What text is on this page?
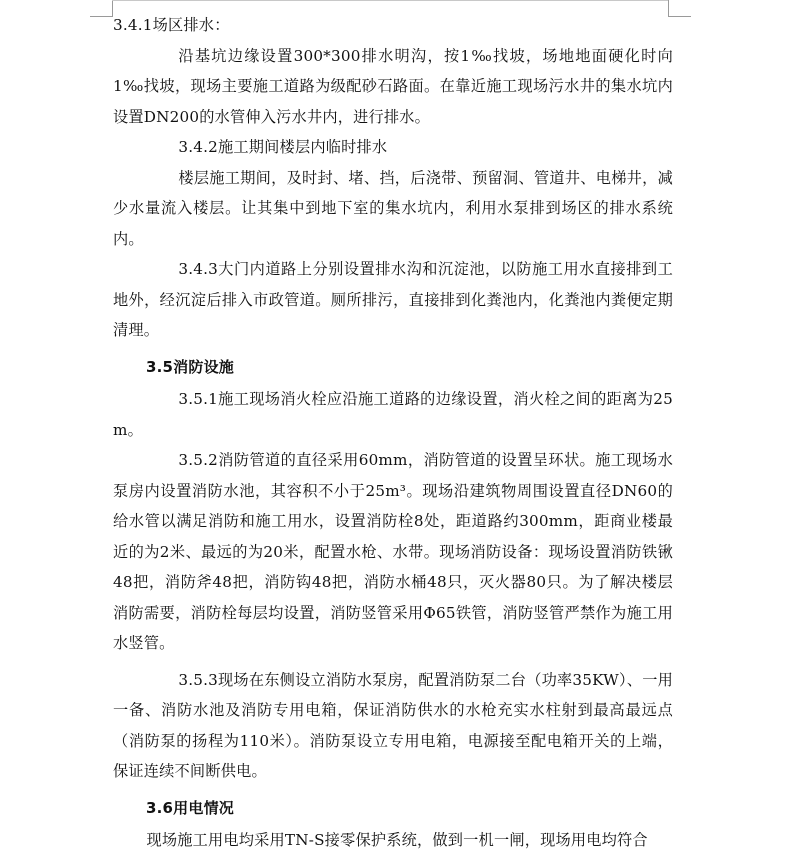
3.4.1场区排水：

沿基坑边缘设置300*300排水明沟，按1‰找坡，场地地面硬化时向1‰找坡，现场主要施工道路为级配砂石路面。在靠近施工现场污水井的集水坑内设置DN200的水管伸入污水井内，进行排水。

3.4.2施工期间楼层内临时排水

楼层施工期间，及时封、堵、挡，后浇带、预留洞、管道井、电梯井，减少水量流入楼层。让其集中到地下室的集水坑内，利用水泵排到场区的排水系统内。

3.4.3大门内道路上分别设置排水沟和沉淀池，以防施工用水直接排到工地外，经沉淀后排入市政管道。厕所排污，直接排到化粪池内，化粪池内粪便定期清理。

3.5消防设施

3.5.1施工现场消火栓应沿施工道路的边缘设置，消火栓之间的距离为25m。

3.5.2消防管道的直径采用60mm，消防管道的设置呈环状。施工现场水泵房内设置消防水池，其容积不小于25m³。现场沿建筑物周围设置直径DN60的给水管以满足消防和施工用水，设置消防栓8处，距道路约300mm，距商业楼最近的为2米、最远的为20米，配置水枪、水带。现场消防设备：现场设置消防铁锹48把，消防斧48把，消防钩48把，消防水桶48只，灭火器80只。为了解决楼层消防需要，消防栓每层均设置，消防竖管采用Φ65铁管，消防竖管严禁作为施工用水竖管。

3.5.3现场在东侧设立消防水泵房，配置消防泵二台（功率35KW）、一用一备、消防水池及消防专用电箱，保证消防供水的水枪充实水柱射到最高最远点（消防泵的扬程为110米）。消防泵设立专用电箱，电源接至配电箱开关的上端，保证连续不间断供电。

3.6用电情况

现场施工用电均采用TN-S接零保护系统，做到一机一闸，现场用电均符合
